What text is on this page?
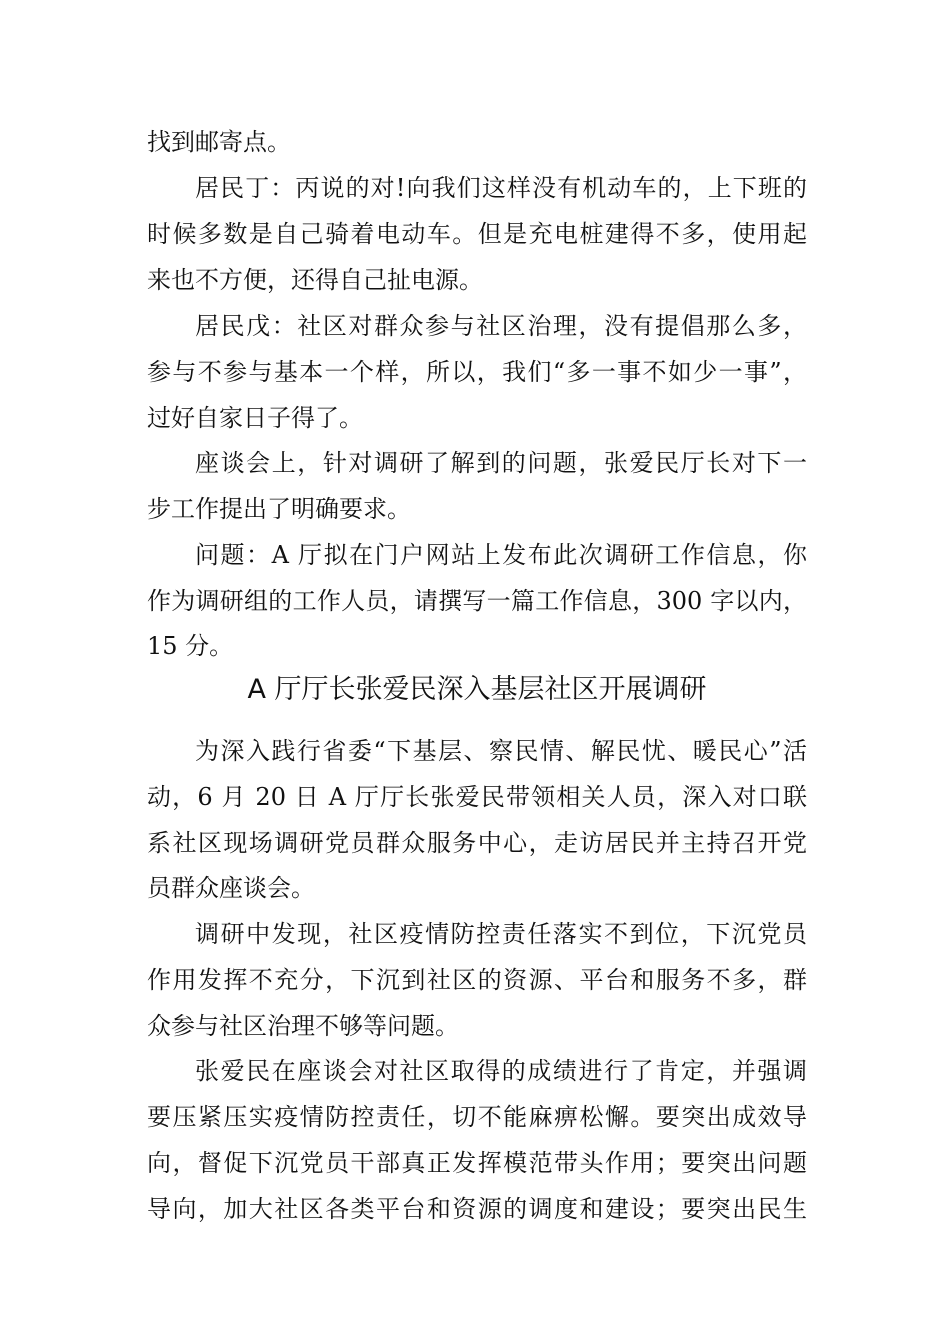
找到邮寄点。
居民丁：丙说的对!向我们这样没有机动车的，上下班的
时候多数是自己骑着电动车。但是充电桩建得不多，使用起
来也不方便，还得自己扯电源。
居民戊：社区对群众参与社区治理，没有提倡那么多，
参与不参与基本一个样，所以，我们“多一事不如少一事”，
过好自家日子得了。
座谈会上，针对调研了解到的问题，张爱民厅长对下一
步工作提出了明确要求。
问题：A 厅拟在门户网站上发布此次调研工作信息，你
作为调研组的工作人员，请撰写一篇工作信息，300 字以内，
15 分。
A 厅厅长张爱民深入基层社区开展调研
为深入践行省委“下基层、察民情、解民忧、暖民心”活
动，6 月 20 日 A 厅厅长张爱民带领相关人员，深入对口联
系社区现场调研党员群众服务中心，走访居民并主持召开党
员群众座谈会。
调研中发现，社区疫情防控责任落实不到位，下沉党员
作用发挥不充分，下沉到社区的资源、平台和服务不多，群
众参与社区治理不够等问题。
张爱民在座谈会对社区取得的成绩进行了肯定，并强调
要压紧压实疫情防控责任，切不能麻痹松懈。要突出成效导
向，督促下沉党员干部真正发挥模范带头作用；要突出问题
导向，加大社区各类平台和资源的调度和建设；要突出民生
